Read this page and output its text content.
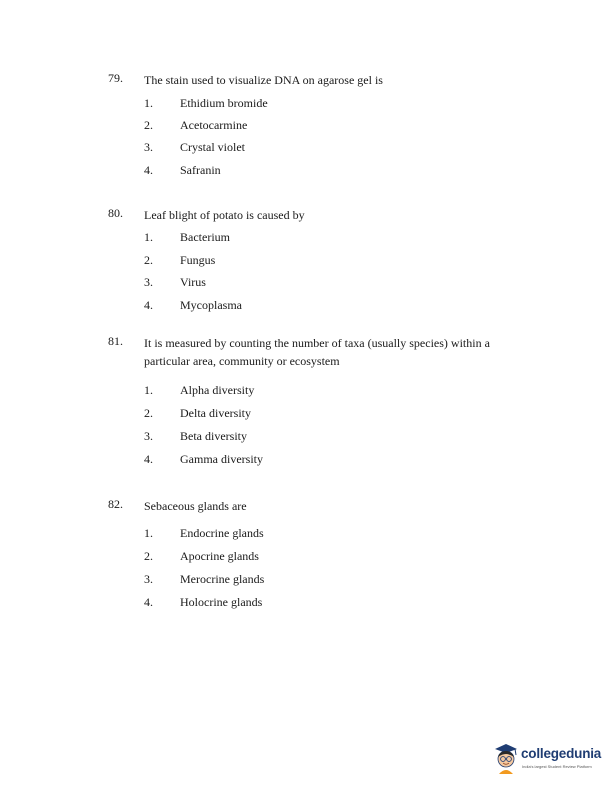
79. The stain used to visualize DNA on agarose gel is
1. Ethidium bromide
2. Acetocarmine
3. Crystal violet
4. Safranin
80. Leaf blight of potato is caused by
1. Bacterium
2. Fungus
3. Virus
4. Mycoplasma
81. It is measured by counting the number of taxa (usually species) within a particular area, community or ecosystem
1. Alpha diversity
2. Delta diversity
3. Beta diversity
4. Gamma diversity
82. Sebaceous glands are
1. Endocrine glands
2. Apocrine glands
3. Merocrine glands
4. Holocrine glands
collegedunia
India's largest Student Review Platform
